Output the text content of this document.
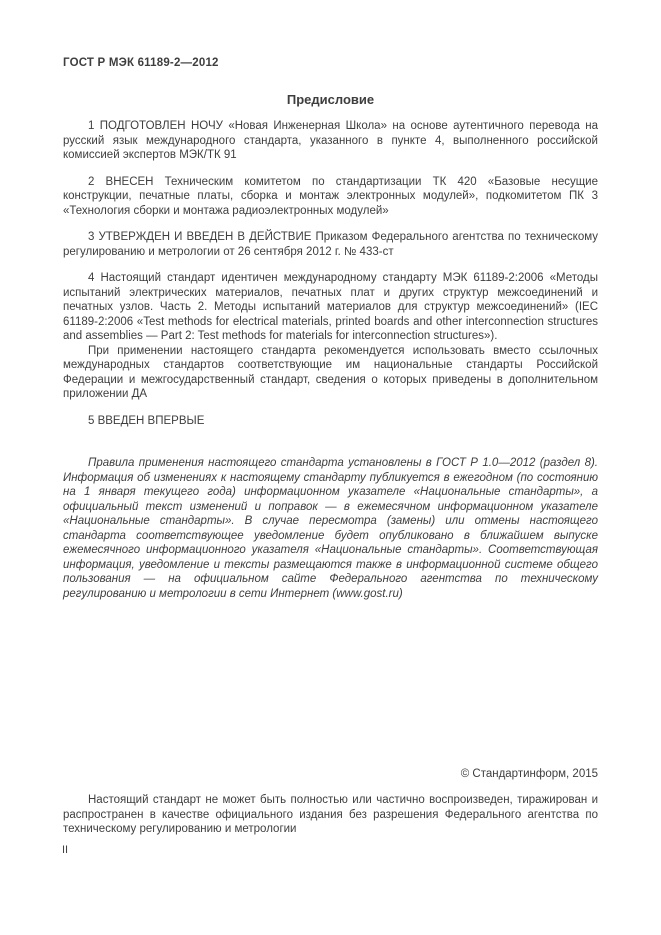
ГОСТ Р МЭК 61189-2—2012
Предисловие

1 ПОДГОТОВЛЕН НОЧУ «Новая Инженерная Школа» на основе аутентичного перевода на русский язык международного стандарта, указанного в пункте 4, выполненного российской комиссией экспертов МЭК/ТК 91

2 ВНЕСЕН Техническим комитетом по стандартизации ТК 420 «Базовые несущие конструкции, печатные платы, сборка и монтаж электронных модулей», подкомитетом ПК 3 «Технология сборки и монтажа радиоэлектронных модулей»

3 УТВЕРЖДЕН И ВВЕДЕН В ДЕЙСТВИЕ Приказом Федерального агентства по техническому регулированию и метрологии от 26 сентября 2012 г. № 433-ст

4 Настоящий стандарт идентичен международному стандарту МЭК 61189-2:2006 «Методы испытаний электрических материалов, печатных плат и других структур межсоединений и печатных узлов. Часть 2. Методы испытаний материалов для структур межсоединений» (IEC 61189-2:2006 «Test methods for electrical materials, printed boards and other interconnection structures and assemblies — Part 2: Test methods for materials for interconnection structures»).

При применении настоящего стандарта рекомендуется использовать вместо ссылочных международных стандартов соответствующие им национальные стандарты Российской Федерации и межгосударственный стандарт, сведения о которых приведены в дополнительном приложении ДА

5 ВВЕДЕН ВПЕРВЫЕ

Правила применения настоящего стандарта установлены в ГОСТ Р 1.0—2012 (раздел 8). Информация об изменениях к настоящему стандарту публикуется в ежегодном (по состоянию на 1 января текущего года) информационном указателе «Национальные стандарты», а официальный текст изменений и поправок — в ежемесячном информационном указателе «Национальные стандарты». В случае пересмотра (замены) или отмены настоящего стандарта соответствующее уведомление будет опубликовано в ближайшем выпуске ежемесячного информационного указателя «Национальные стандарты». Соответствующая информация, уведомление и тексты размещаются также в информационной системе общего пользования — на официальном сайте Федерального агентства по техническому регулированию и метрологии в сети Интернет (www.gost.ru)

© Стандартинформ, 2015

Настоящий стандарт не может быть полностью или частично воспроизведен, тиражирован и распространен в качестве официального издания без разрешения Федерального агентства по техническому регулированию и метрологии

II
